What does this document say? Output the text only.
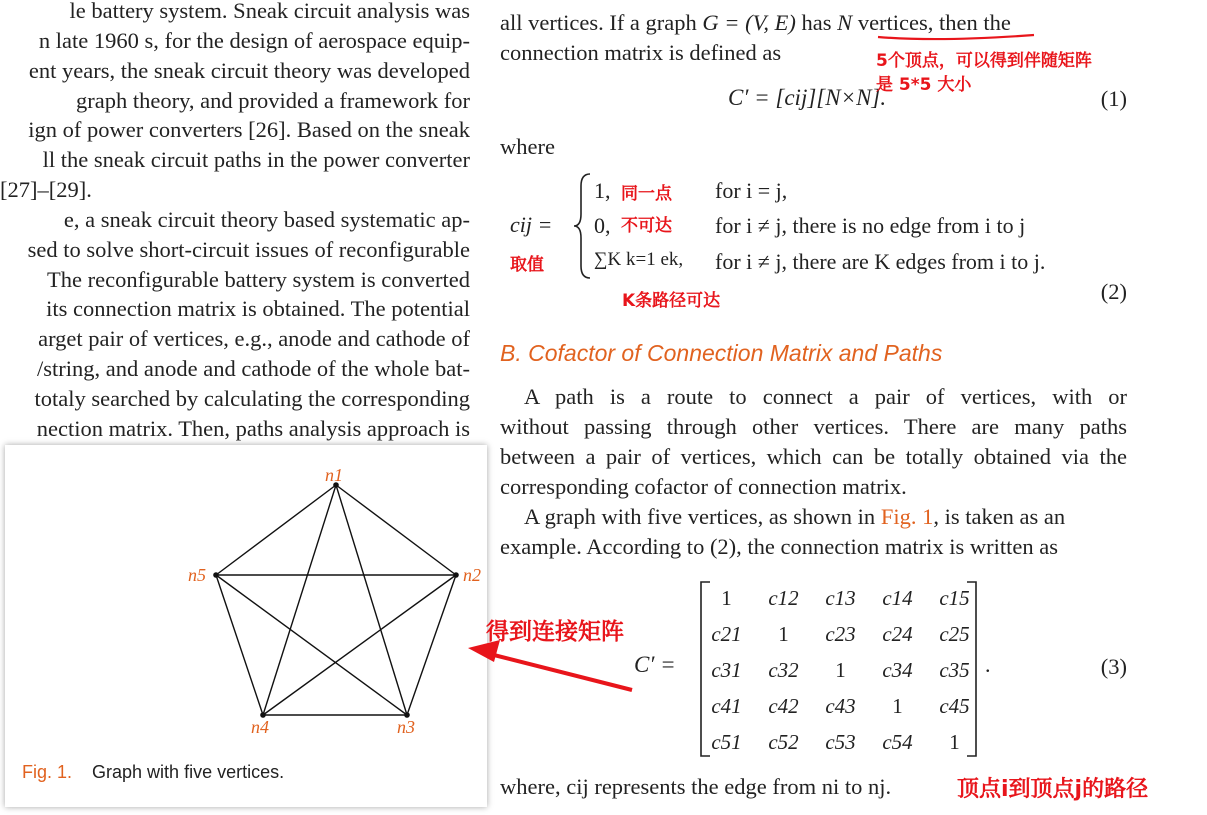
le battery system. Sneak circuit analysis was
n late 1960 s, for the design of aerospace equip-
ent years, the sneak circuit theory was developed
graph theory, and provided a framework for
ign of power converters [26]. Based on the sneak
ll the sneak circuit paths in the power converter
[27]–[29].
e, a sneak circuit theory based systematic ap-
sed to solve short-circuit issues of reconfigurable
The reconfigurable battery system is converted
its connection matrix is obtained. The potential
arget pair of vertices, e.g., anode and cathode of
/string, and anode and cathode of the whole bat-
totaly searched by calculating the corresponding
nection matrix. Then, paths analysis approach is
all vertices. If a graph G = (V, E) has N vertices, then the
connection matrix is defined as
C′ = [cij][N×N].	(1)
where
cij =
1,	for i = j,
0,	for i ≠ j, there is no edge from i to j
∑K k=1 ek, for i ≠ j, there are K edges from i to j.
(2)
B. Cofactor of Connection Matrix and Paths
A path is a route to connect a pair of vertices, with or
without passing through other vertices. There are many paths
between a pair of vertices, which can be totally obtained via the
corresponding cofactor of connection matrix.
A graph with five vertices, as shown in Fig. 1, is taken as an
example. According to (2), the connection matrix is written as
C′ =
1	c12	c13	c14	c15
c21	1	c23	c24	c25
c31	c32	1	c34	c35
c41	c42	c43	1	c45
c51	c52	c53	c54	1
.	(3)
where, cij represents the edge from ni to nj.
n1
n2
n3
n4
n5
Fig. 1. Graph with five vertices.
5个顶点，可以得到伴随矩阵
是 5*5 大小
同一点
不可达
取值
K条路径可达
得到连接矩阵
顶点i到顶点j的路径
